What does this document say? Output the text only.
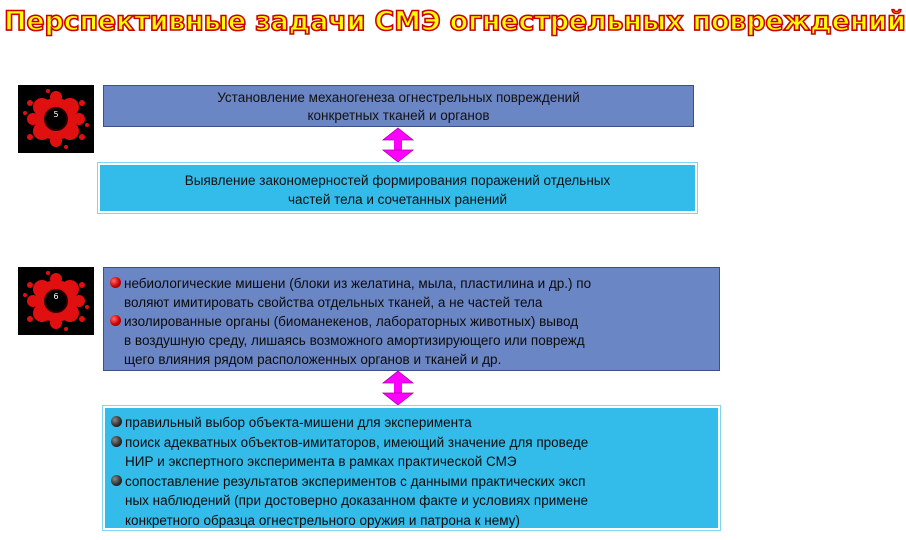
Перспективные задачи СМЭ огнестрельных повреждений
5
6
Установление механогенеза огнестрельных повреждений
конкретных тканей и органов
Выявление закономерностей формирования поражений отдельных
частей тела и сочетанных ранений
небиологические мишени (блоки из желатина, мыла, пластилина и др.) по
воляют имитировать свойства отдельных тканей, а не частей тела
изолированные органы (биоманекенов, лабораторных животных) вывод
в воздушную среду, лишаясь возможного амортизирующего или поврежд
щего влияния рядом расположенных органов и тканей и др.
правильный выбор объекта-мишени для эксперимента
поиск адекватных объектов-имитаторов, имеющий значение для проведе
НИР и экспертного эксперимента в рамках практической СМЭ
сопоставление результатов экспериментов с данными практических эксп
ных наблюдений (при достоверно доказанном факте и условиях примене
конкретного образца огнестрельного оружия и патрона к нему)
